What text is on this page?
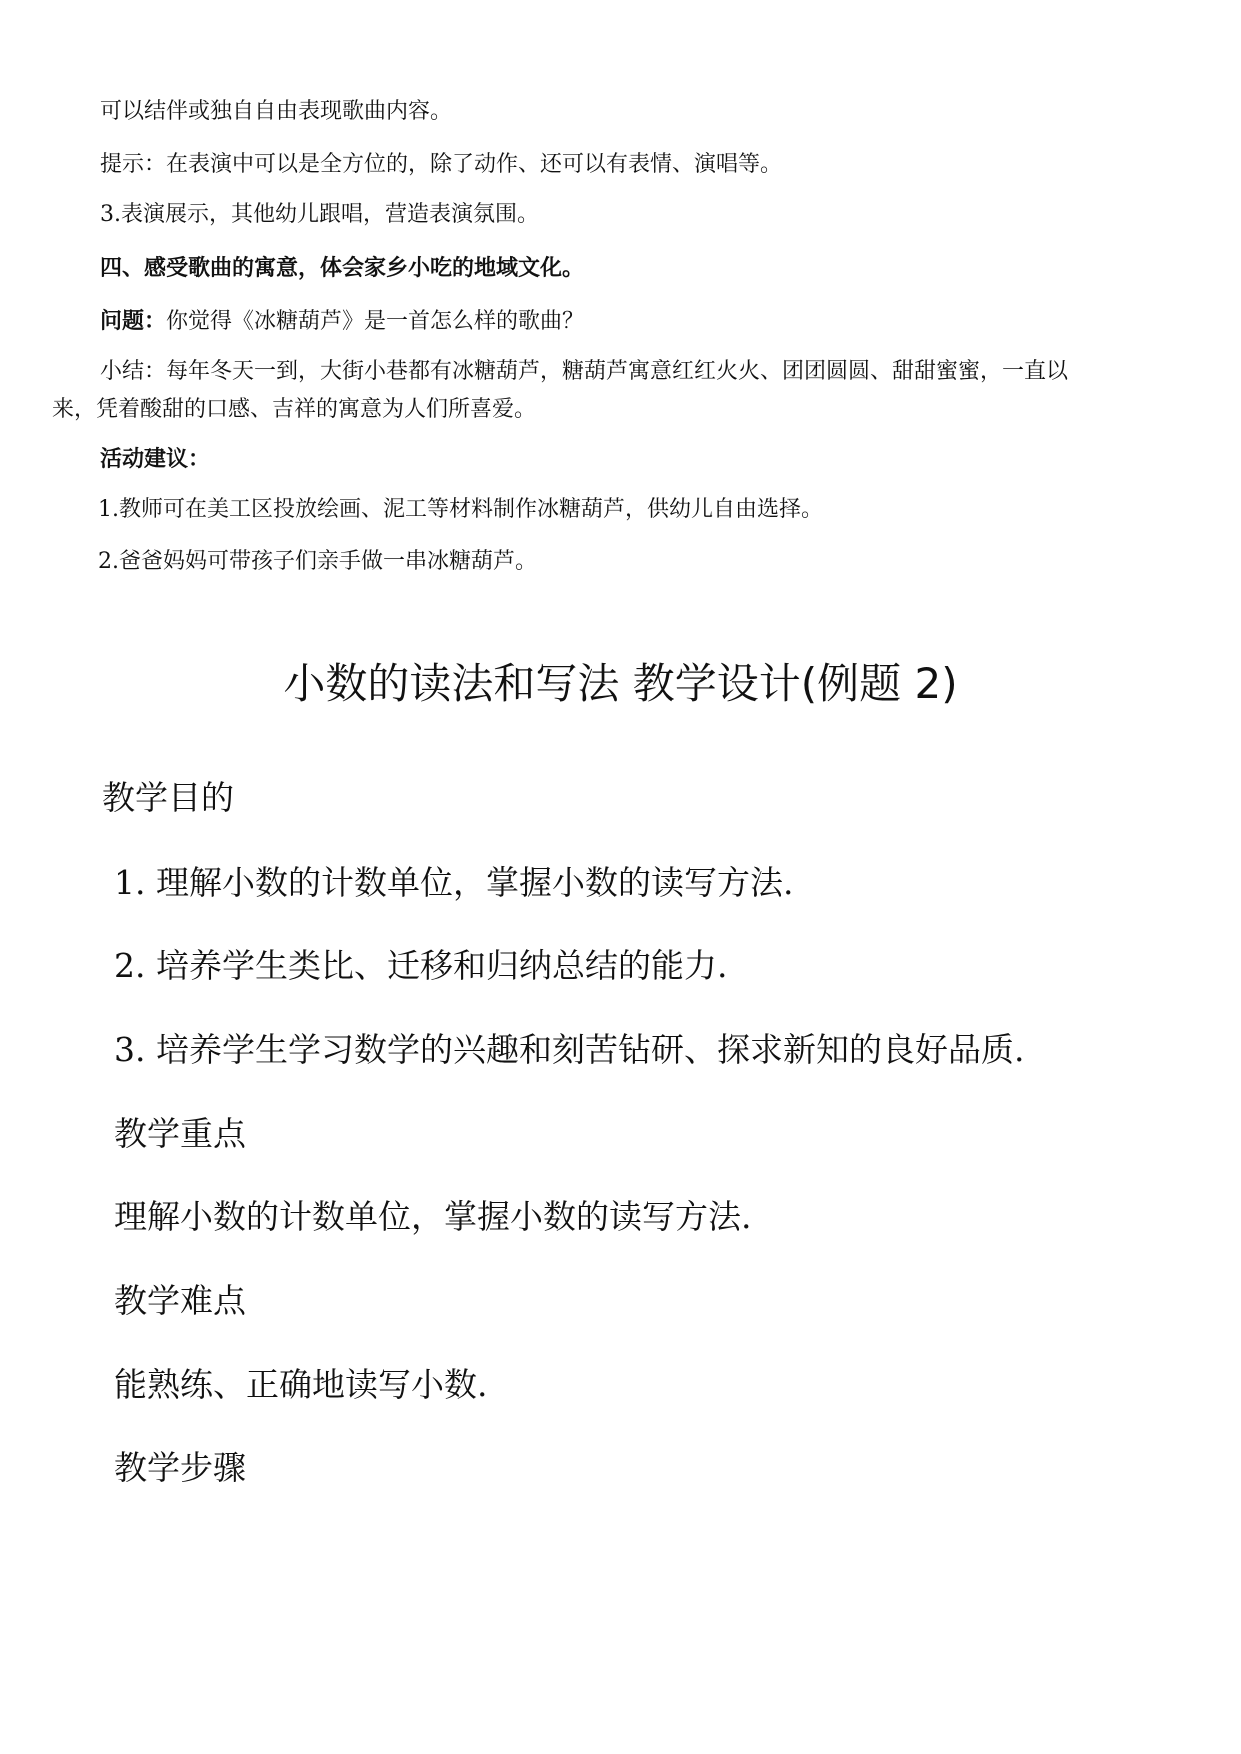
可以结伴或独自自由表现歌曲内容。
提示：在表演中可以是全方位的，除了动作、还可以有表情、演唱等。
3.表演展示，其他幼儿跟唱，营造表演氛围。
四、感受歌曲的寓意，体会家乡小吃的地域文化。
问题：你觉得《冰糖葫芦》是一首怎么样的歌曲？
小结：每年冬天一到，大街小巷都有冰糖葫芦，糖葫芦寓意红红火火、团团圆圆、甜甜蜜蜜，一直以来，凭着酸甜的口感、吉祥的寓意为人们所喜爱。
活动建议：
1.教师可在美工区投放绘画、泥工等材料制作冰糖葫芦，供幼儿自由选择。
2.爸爸妈妈可带孩子们亲手做一串冰糖葫芦。
小数的读法和写法 教学设计(例题 2)
教学目的
1. 理解小数的计数单位，掌握小数的读写方法.
2. 培养学生类比、迁移和归纳总结的能力.
3. 培养学生学习数学的兴趣和刻苦钻研、探求新知的良好品质.
教学重点
理解小数的计数单位，掌握小数的读写方法.
教学难点
能熟练、正确地读写小数.
教学步骤
